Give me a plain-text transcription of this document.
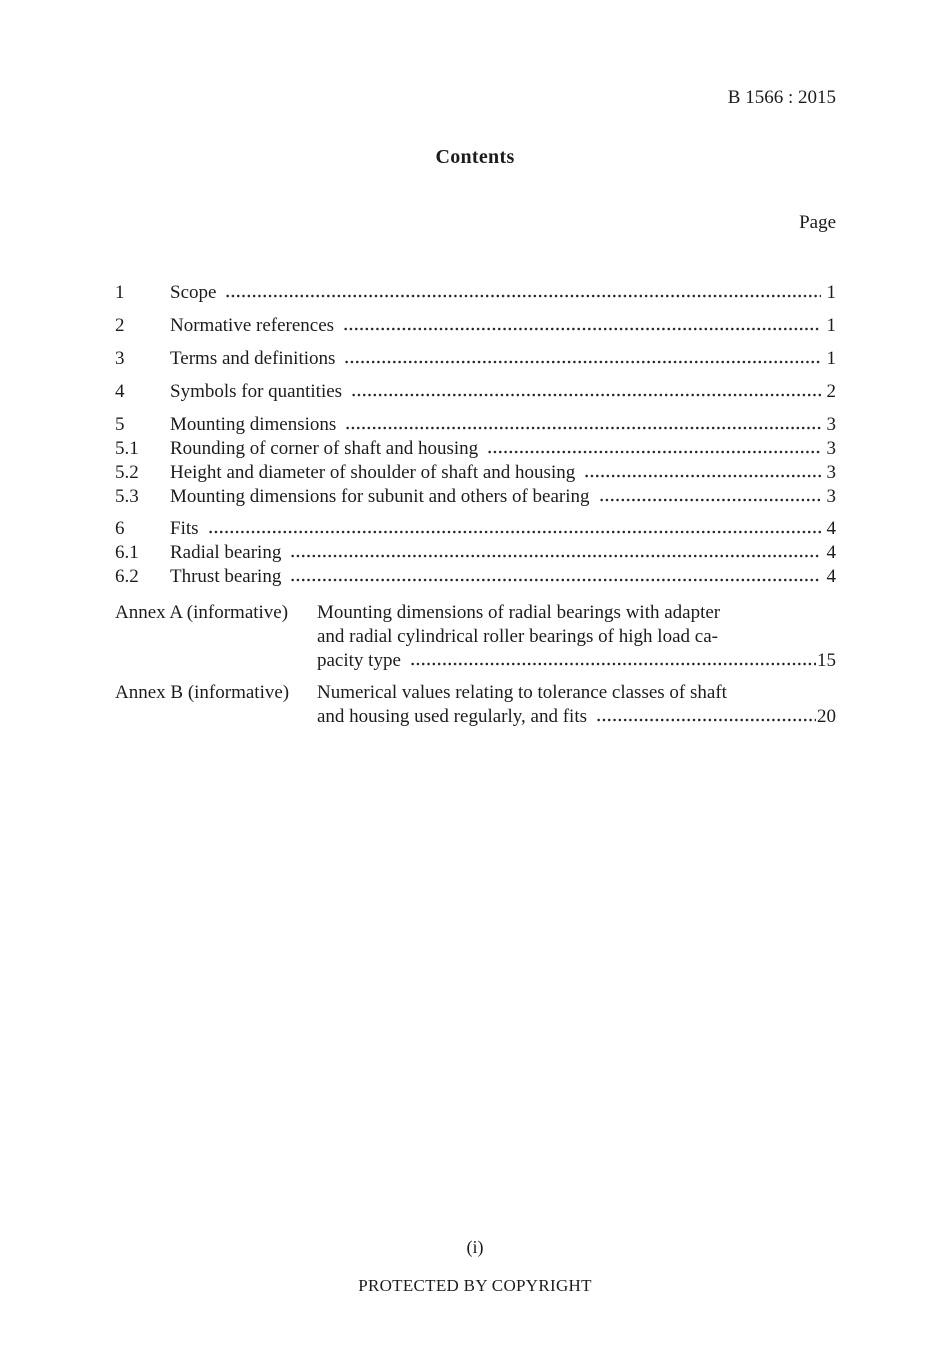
B 1566 : 2015
Contents
Page
1	Scope	1
2	Normative references	1
3	Terms and definitions	1
4	Symbols for quantities	2
5	Mounting dimensions	3
5.1	Rounding of corner of shaft and housing	3
5.2	Height and diameter of shoulder of shaft and housing	3
5.3	Mounting dimensions for subunit and others of bearing	3
6	Fits	4
6.1	Radial bearing	4
6.2	Thrust bearing	4
Annex A (informative)	Mounting dimensions of radial bearings with adapter
and radial cylindrical roller bearings of high load ca-
pacity type	15
Annex B (informative)	Numerical values relating to tolerance classes of shaft
and housing used regularly, and fits	20
(i)
PROTECTED BY COPYRIGHT
